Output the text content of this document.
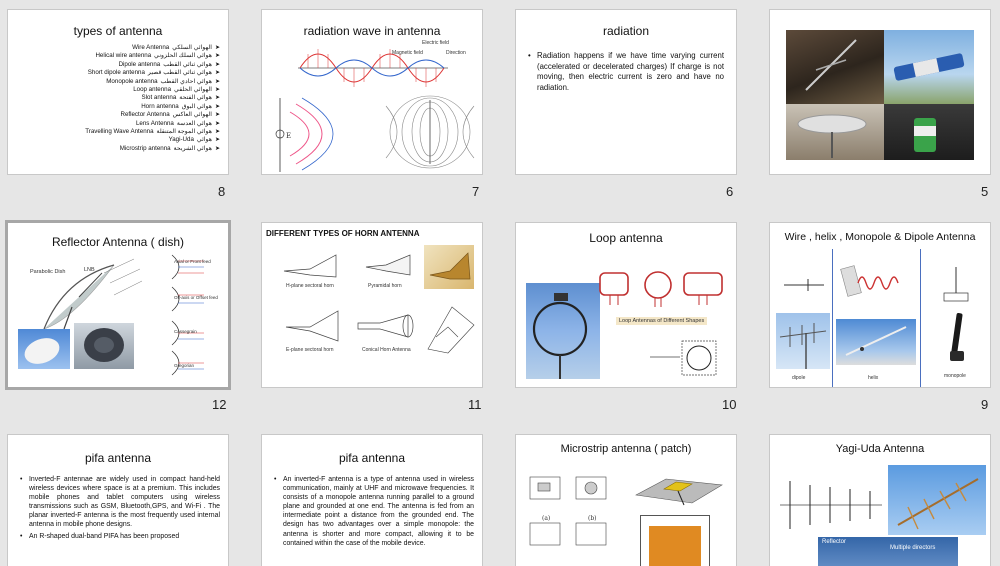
types of antenna
Wire Antenna الهوائي السلكي ➤
Helical wire antenna هوائي السلك الحلزوني ➤
Dipole antenna هوائي ثنائي القطب ➤
Short dipole antenna هوائي ثنائي القطب قصير ➤
Monopole antenna هوائي احادي القطب ➤
Loop antenna الهوائي الحلقي ➤
Slot antenna هوائي الفتحة ➤
Horn antenna هوائي البوق ➤
Reflector Antenna الهوائي العاكس ➤
Lens Antenna هوائي العدسة ➤
Travelling Wave Antenna هوائي الموجة المتنقلة ➤
Yagi-Uda هوائي ➤
Microstrip antenna هوائي الشريحة ➤
8
radiation wave in antenna
Electric field
Magnetic field	Direction
E
7
radiation
• Radiation happens if we have time varying current (accelerated or decelerated charges) If charge is not moving, then electric current is zero and have no radiation.
6	5
Reflector Antenna ( dish)
Parabolic Dish	LNB
Axial or Front feed
Off-axis or Offset feed
Cassegrain
Gregorian
12
DIFFERENT TYPES OF HORN ANTENNA
H-plane sectoral horn	Pyramidal horn
E-plane sectoral horn	Conical Horn Antenna
11
Loop antenna
Loop Antennas of Different Shapes
10
Wire , helix , Monopole & Dipole Antenna
dipole	helix	monopole
9
pifa antenna
• Inverted-F antennae are widely used in compact hand-held wireless devices where space is at a premium. This includes mobile phones and tablet computers using wireless transmissions such as GSM, Bluetooth,GPS, and Wi-Fi . The planar inverted-F antenna is the most frequently used internal antenna in mobile phone designs.
• An R-shaped dual-band PIFA has been proposed
pifa antenna
• An inverted-F antenna is a type of antenna used in wireless communication, mainly at UHF and microwave frequencies. It consists of a monopole antenna running parallel to a ground plane and grounded at one end. The antenna is fed from an intermediate point a distance from the grounded end. The design has two advantages over a simple monopole: the antenna is shorter and more compact, allowing it to be contained within the case of the mobile device.
Microstrip antenna ( patch)
(a)	(b)
Yagi-Uda Antenna
Reflector
Multiple directors
